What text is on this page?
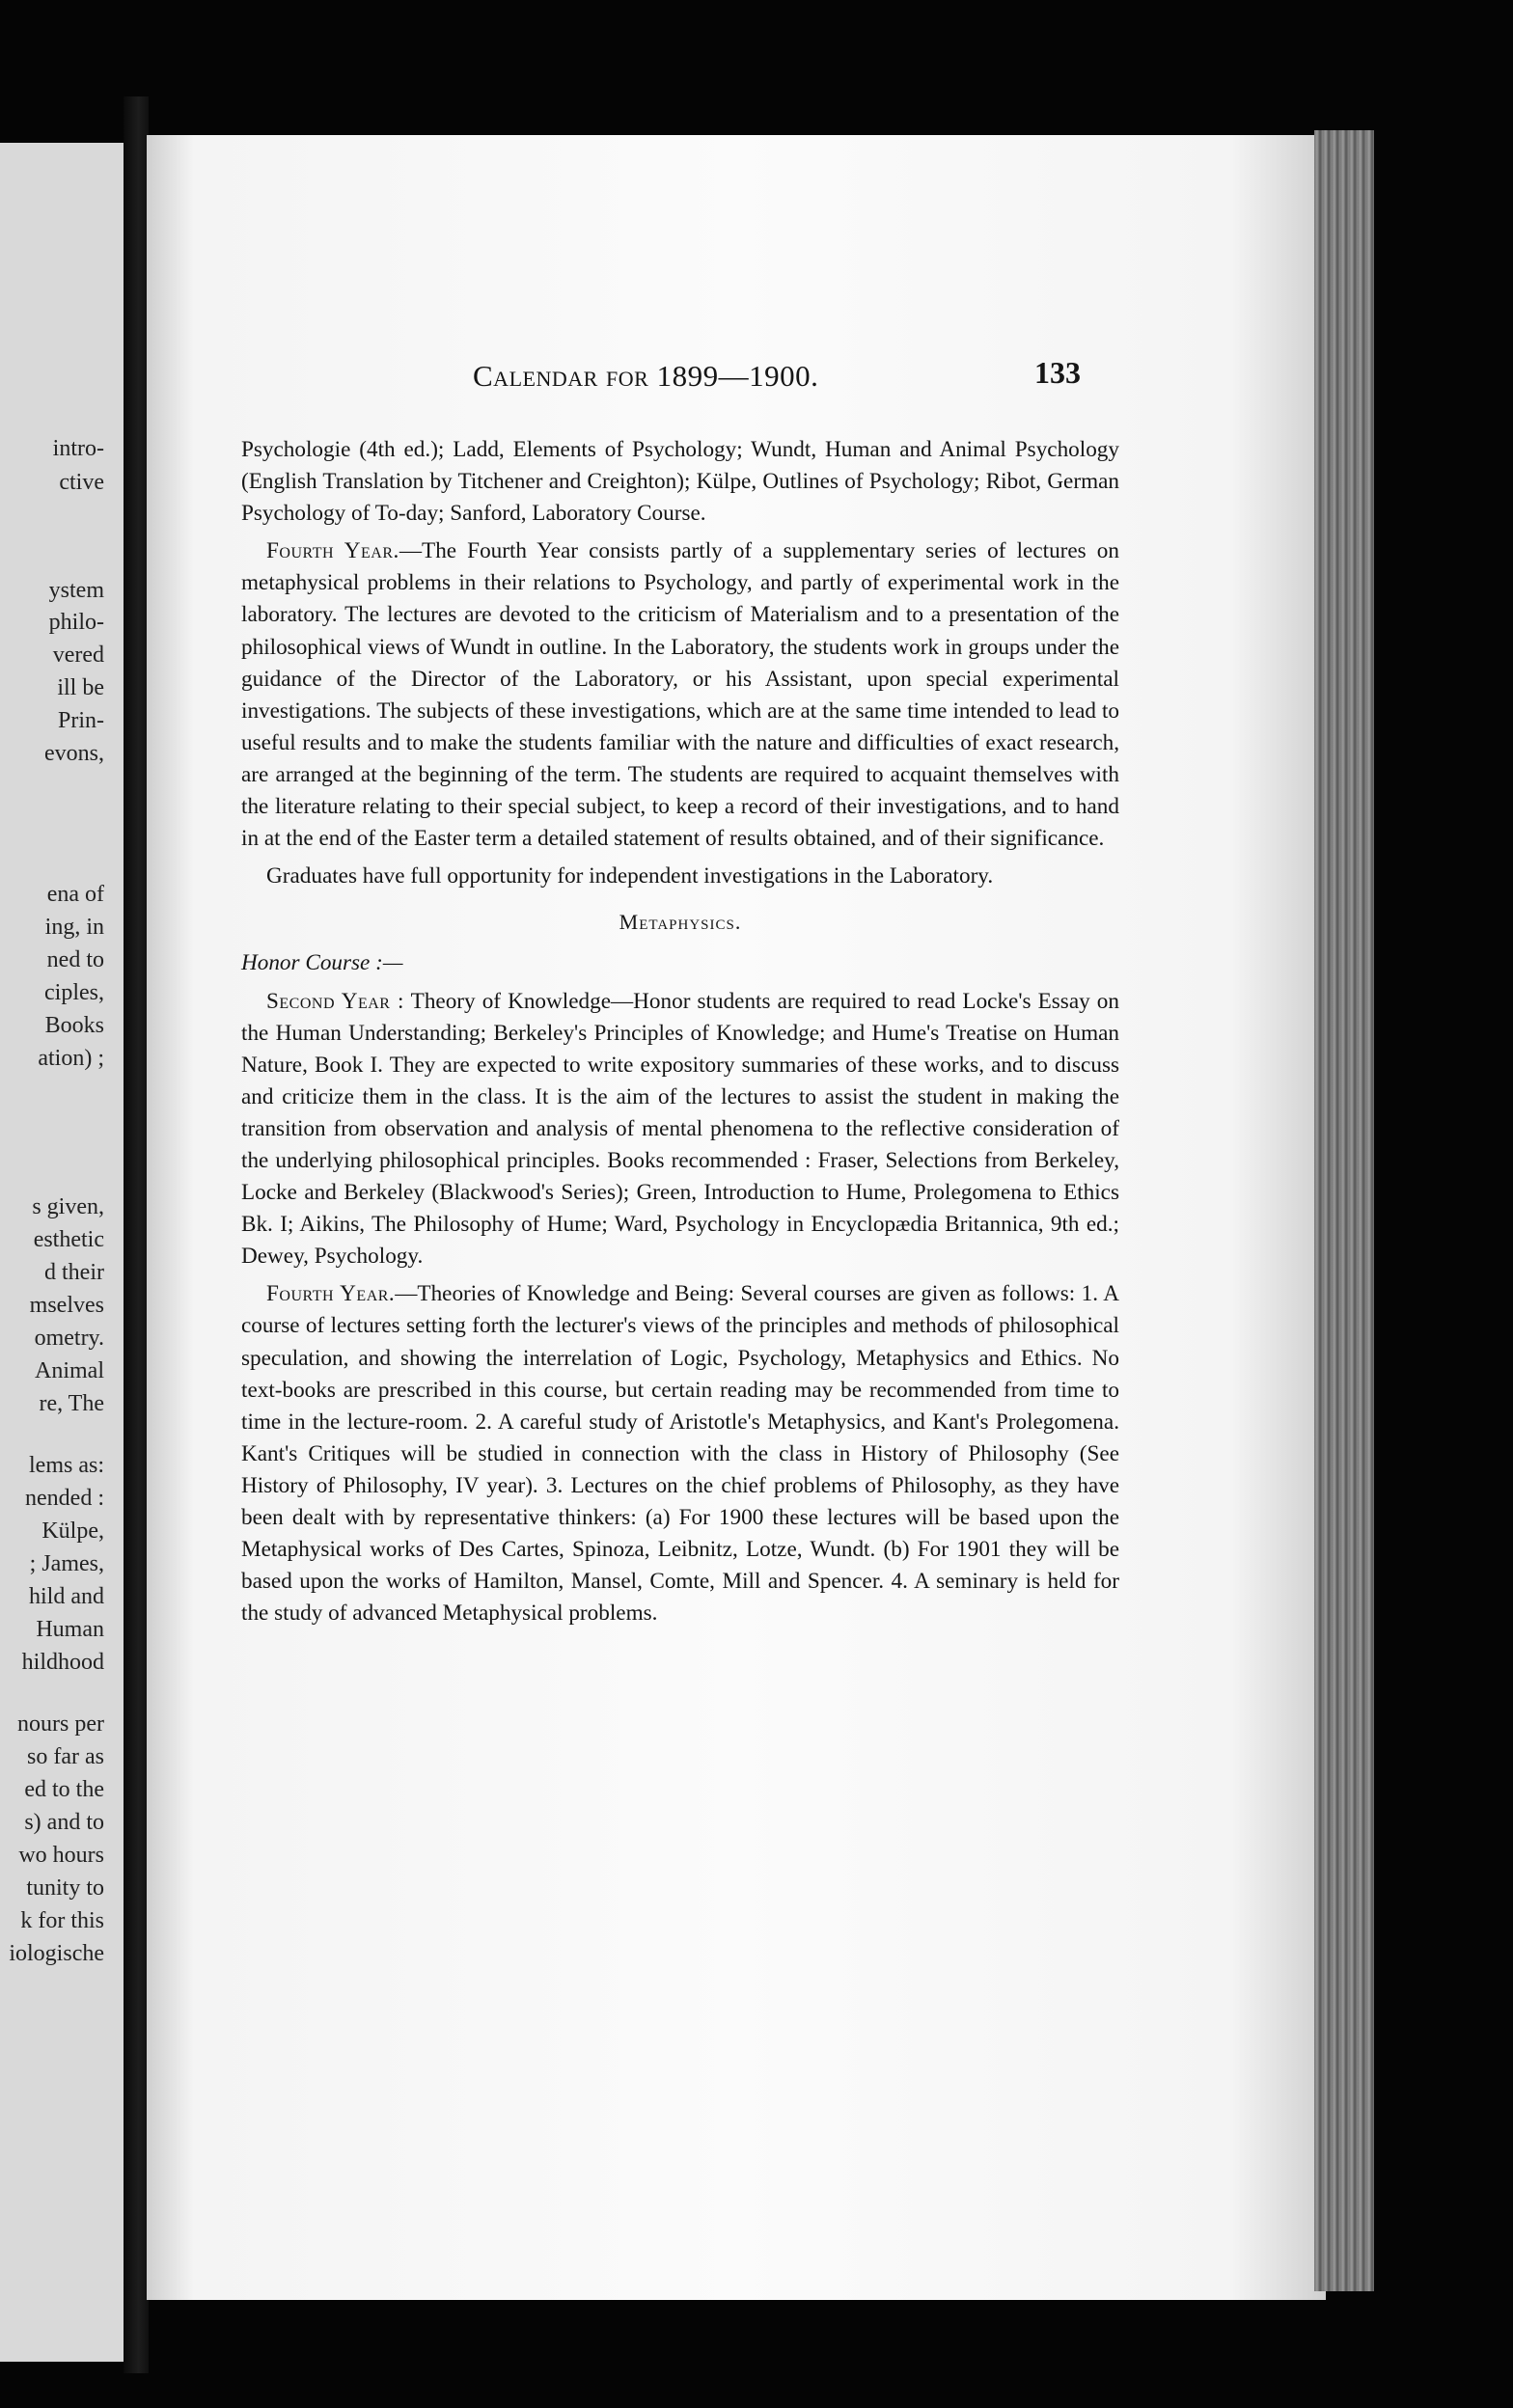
intro-
ctive
ystem
philo-
vered
ill be
Prin-
evons,
ena of
ing, in
ned to
ciples,
Books
ation) ;
s given,
esthetic
d their
mselves
ometry.
Animal
re, The
lems as:
nended :
Külpe,
; James,
hild and
Human
hildhood
nours per
so far as
ed to the
s) and to
wo hours
tunity to
k for this
iologische
Calendar for 1899—1900.	133

Psychologie (4th ed.); Ladd, Elements of Psychology; Wundt, Human and Animal Psychology (English Translation by Titchener and Creighton); Külpe, Outlines of Psychology; Ribot, German Psychology of To-day; Sanford, Laboratory Course.

Fourth Year.—The Fourth Year consists partly of a supplementary series of lectures on metaphysical problems in their relations to Psychology, and partly of experimental work in the laboratory. The lectures are devoted to the criticism of Materialism and to a presentation of the philosophical views of Wundt in outline. In the Laboratory, the students work in groups under the guidance of the Director of the Laboratory, or his Assistant, upon special experimental investigations. The subjects of these investigations, which are at the same time intended to lead to useful results and to make the students familiar with the nature and difficulties of exact research, are arranged at the beginning of the term. The students are required to acquaint themselves with the literature relating to their special subject, to keep a record of their investigations, and to hand in at the end of the Easter term a detailed statement of results obtained, and of their significance.

Graduates have full opportunity for independent investigations in the Laboratory.

Metaphysics.

Honor Course :—

Second Year : Theory of Knowledge—Honor students are required to read Locke's Essay on the Human Understanding; Berkeley's Principles of Knowledge; and Hume's Treatise on Human Nature, Book I. They are expected to write expository summaries of these works, and to discuss and criticize them in the class. It is the aim of the lectures to assist the student in making the transition from observation and analysis of mental phenomena to the reflective consideration of the underlying philosophical principles. Books recommended : Fraser, Selections from Berkeley, Locke and Berkeley (Blackwood's Series); Green, Introduction to Hume, Prolegomena to Ethics Bk. I; Aikins, The Philosophy of Hume; Ward, Psychology in Encyclopædia Britannica, 9th ed.; Dewey, Psychology.

Fourth Year.—Theories of Knowledge and Being: Several courses are given as follows: 1. A course of lectures setting forth the lecturer's views of the principles and methods of philosophical speculation, and showing the interrelation of Logic, Psychology, Metaphysics and Ethics. No text-books are prescribed in this course, but certain reading may be recommended from time to time in the lecture-room. 2. A careful study of Aristotle's Metaphysics, and Kant's Prolegomena. Kant's Critiques will be studied in connection with the class in History of Philosophy (See History of Philosophy, IV year). 3. Lectures on the chief problems of Philosophy, as they have been dealt with by representative thinkers: (a) For 1900 these lectures will be based upon the Metaphysical works of Des Cartes, Spinoza, Leibnitz, Lotze, Wundt. (b) For 1901 they will be based upon the works of Hamilton, Mansel, Comte, Mill and Spencer. 4. A seminary is held for the study of advanced Metaphysical problems.
